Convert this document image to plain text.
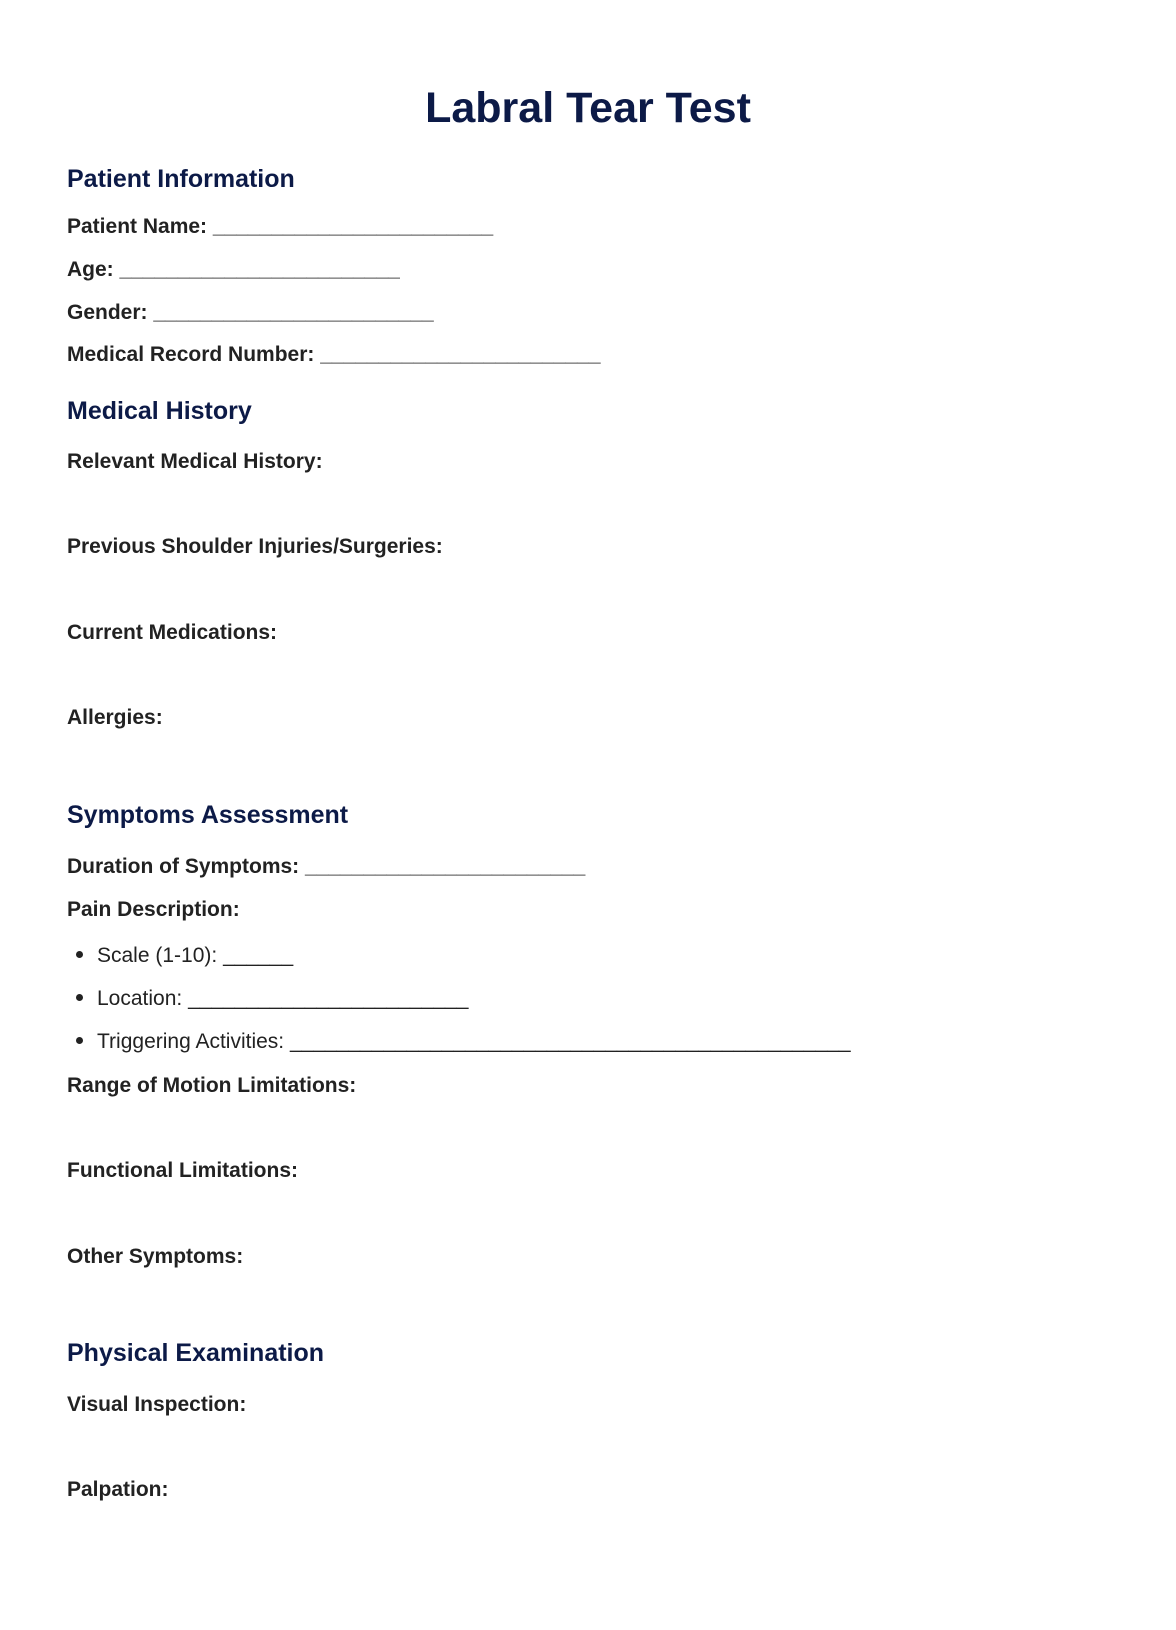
Labral Tear Test
Patient Information
Patient Name: ________________________
Age: ________________________
Gender: ________________________
Medical Record Number: ________________________
Medical History
Relevant Medical History:
Previous Shoulder Injuries/Surgeries:
Current Medications:
Allergies:
Symptoms Assessment
Duration of Symptoms: ________________________
Pain Description:
Scale (1-10): ______
Location: ________________________
Triggering Activities: ________________________________________________
Range of Motion Limitations:
Functional Limitations:
Other Symptoms:
Physical Examination
Visual Inspection:
Palpation:
